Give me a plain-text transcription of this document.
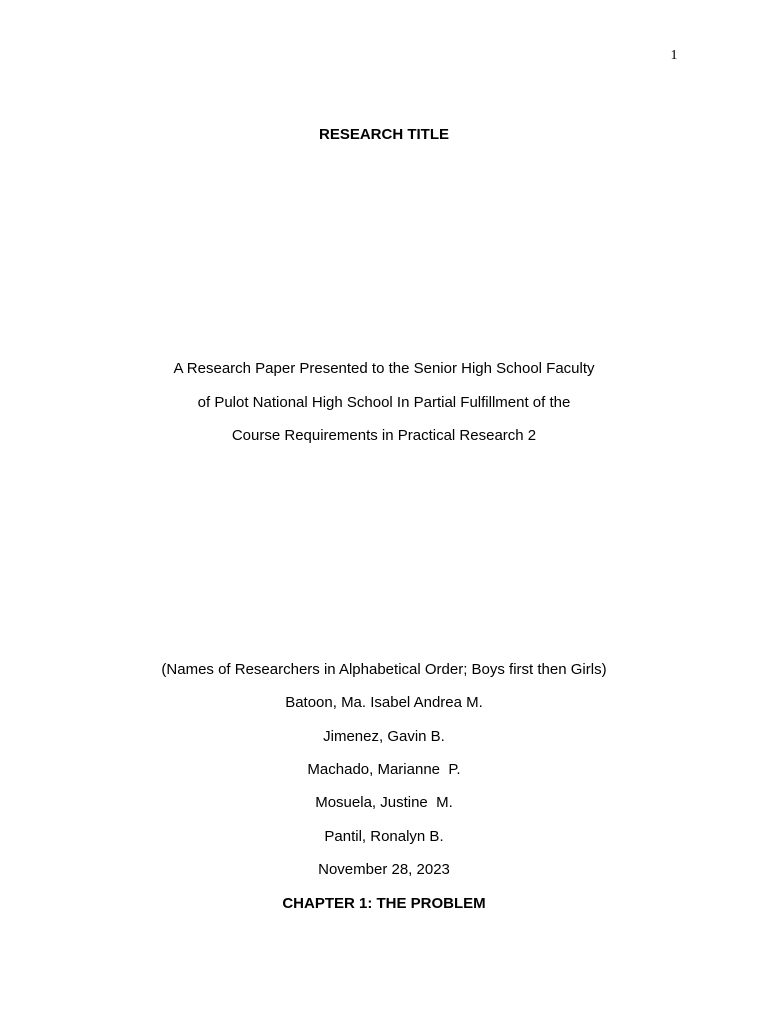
1
RESEARCH TITLE
A Research Paper Presented to the Senior High School Faculty
of Pulot National High School In Partial Fulfillment of the
Course Requirements in Practical Research 2
(Names of Researchers in Alphabetical Order; Boys first then Girls)
Batoon, Ma. Isabel Andrea M.
Jimenez, Gavin B.
Machado, Marianne  P.
Mosuela, Justine  M.
Pantil, Ronalyn B.
November 28, 2023
CHAPTER 1: THE PROBLEM
